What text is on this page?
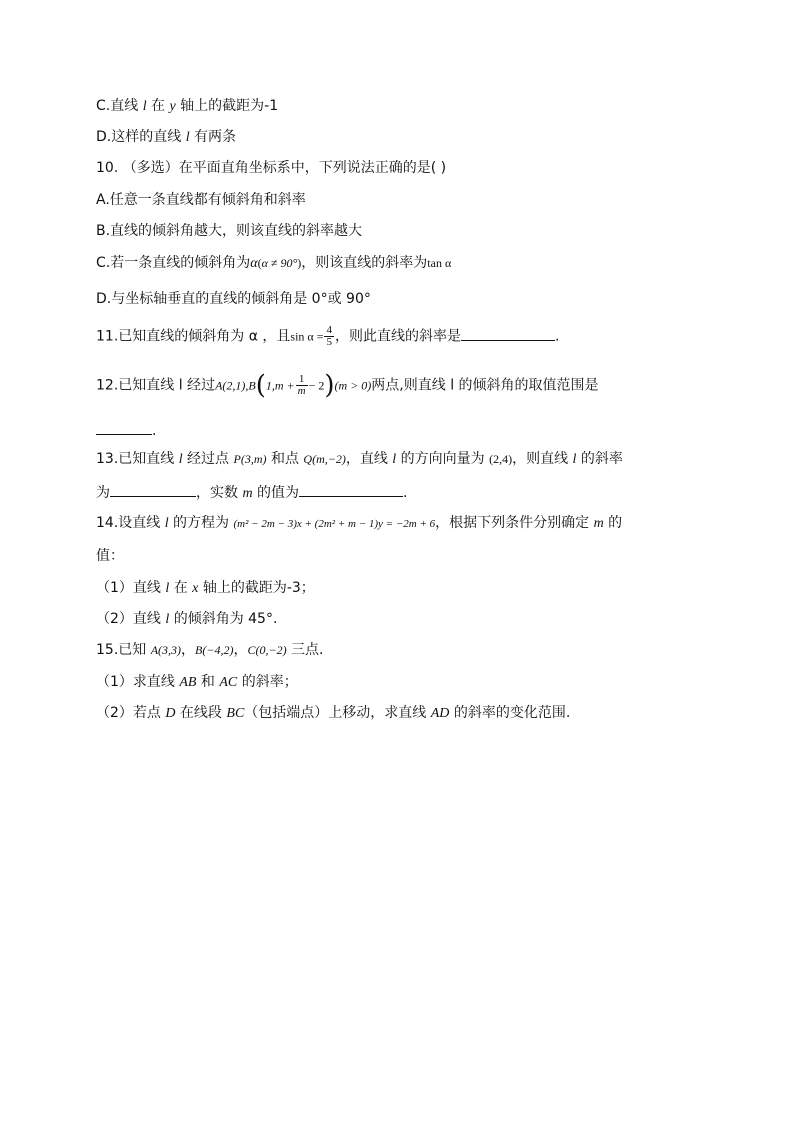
C.直线 l 在 y 轴上的截距为-1
D.这样的直线 l 有两条
10. （多选）在平面直角坐标系中，下列说法正确的是( )
A.任意一条直线都有倾斜角和斜率
B.直线的倾斜角越大，则该直线的斜率越大
C.若一条直线的倾斜角为α(α ≠ 90°)，则该直线的斜率为tan α
D.与坐标轴垂直的直线的倾斜角是 0°或 90°
11.已知直线的倾斜角为 α ，且$\sin \alpha = \frac{4}{5}$ ，则此直线的斜率是	.
12.已知直线 l 经过$A(2,1),B(1,m + \frac{1}{m} - 2)(m > 0)$两点,则直线 l 的倾斜角的取值范围是
.
13.已知直线 l 经过点 P(3,m) 和点 Q(m,−2)，直线 l 的方向向量为 (2,4)，则直线 l 的斜率
为	，实数 m 的值为	.
14.设直线 l 的方程为 (m² − 2m − 3)x + (2m² + m − 1)y = −2m + 6，根据下列条件分别确定 m 的
值：
（1）直线 l 在 x 轴上的截距为-3；
（2）直线 l 的倾斜角为 45°.
15.已知 A(3,3)，B(−4,2)，C(0,−2) 三点.
（1）求直线 AB 和 AC 的斜率；
（2）若点 D 在线段 BC（包括端点）上移动，求直线 AD 的斜率的变化范围.
